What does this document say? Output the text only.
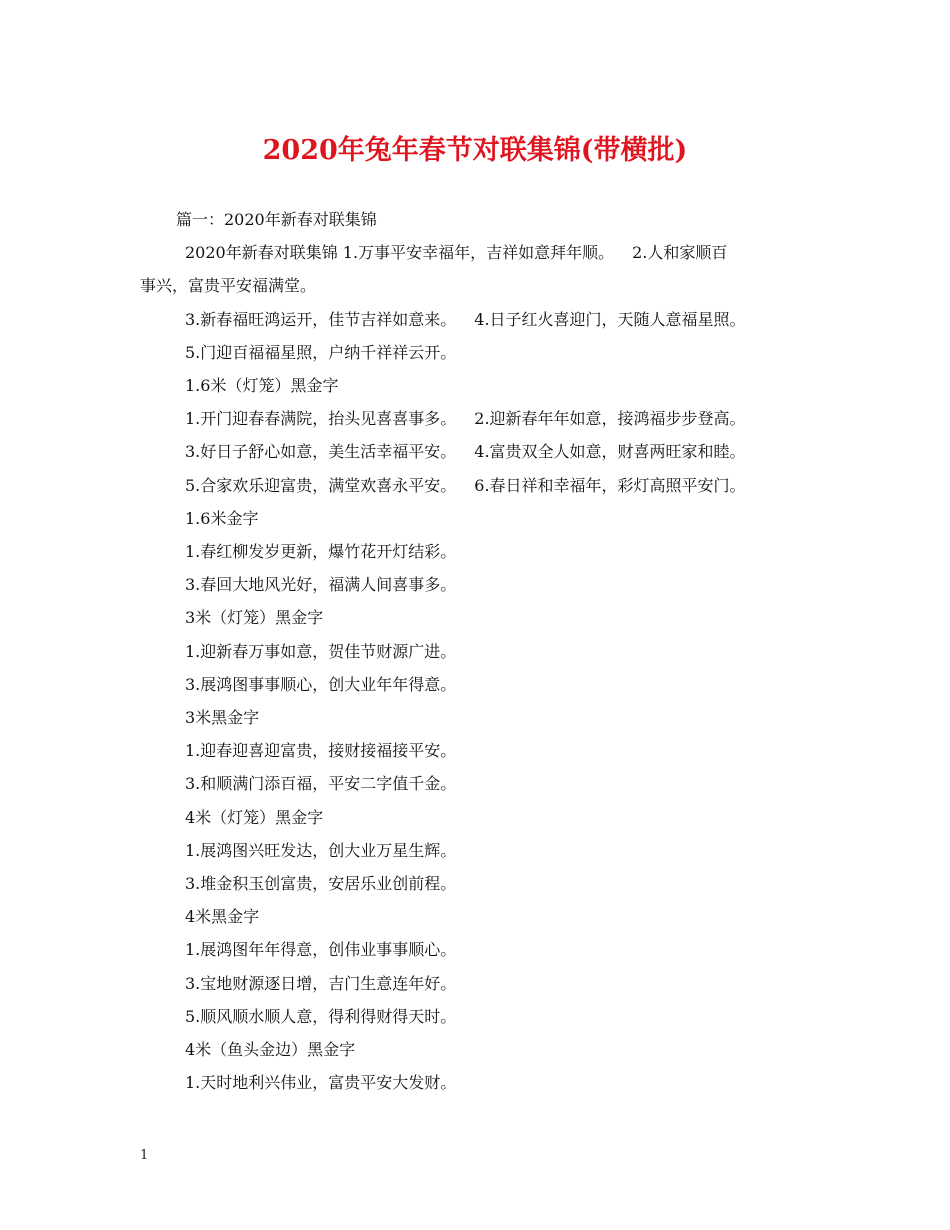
2020年兔年春节对联集锦(带横批)
篇一：2020年新春对联集锦
2020年新春对联集锦 1.万事平安幸福年，吉祥如意拜年顺。 2.人和家顺百
事兴，富贵平安福满堂。
3.新春福旺鸿运开，佳节吉祥如意来。 4.日子红火喜迎门，天随人意福星照。
5.门迎百福福星照，户纳千祥祥云开。
1.6米（灯笼）黑金字
1.开门迎春春满院，抬头见喜喜事多。 2.迎新春年年如意，接鸿福步步登高。
3.好日子舒心如意，美生活幸福平安。 4.富贵双全人如意，财喜两旺家和睦。
5.合家欢乐迎富贵，满堂欢喜永平安。 6.春日祥和幸福年，彩灯高照平安门。
1.6米金字
1.春红柳发岁更新，爆竹花开灯结彩。
3.春回大地风光好，福满人间喜事多。
3米（灯笼）黑金字
1.迎新春万事如意，贺佳节财源广进。
3.展鸿图事事顺心，创大业年年得意。
3米黑金字
1.迎春迎喜迎富贵，接财接福接平安。
3.和顺满门添百福，平安二字值千金。
4米（灯笼）黑金字
1.展鸿图兴旺发达，创大业万星生辉。
3.堆金积玉创富贵，安居乐业创前程。
4米黑金字
1.展鸿图年年得意，创伟业事事顺心。
3.宝地财源逐日增，吉门生意连年好。
5.顺风顺水顺人意，得利得财得天时。
4米（鱼头金边）黑金字
1.天时地利兴伟业，富贵平安大发财。
1
